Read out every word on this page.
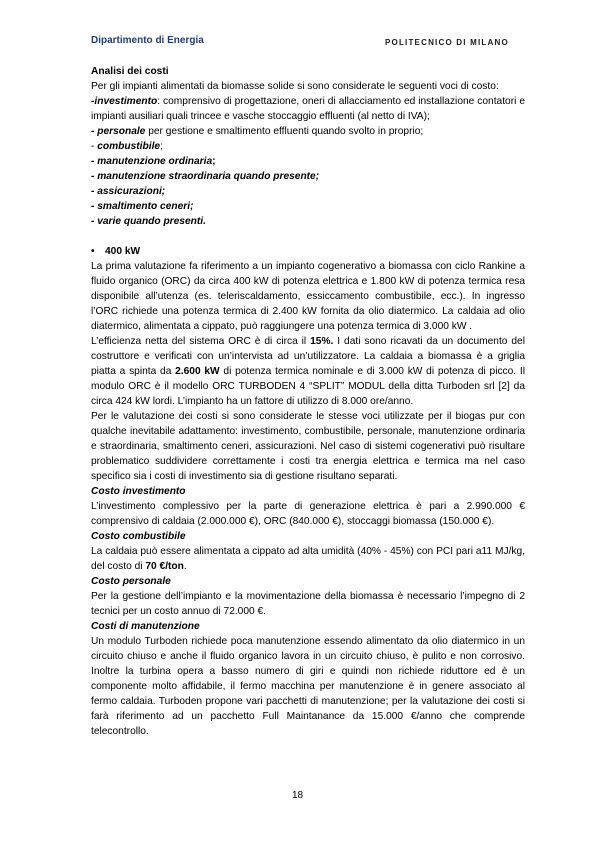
Dipartimento di Energia	POLITECNICO DI MILANO

Analisi dei costi

Per gli impianti alimentati da biomasse solide si sono considerate le seguenti voci di costo:
-investimento: comprensivo di progettazione, oneri di allacciamento ed installazione contatori e impianti ausiliari quali trincee e vasche stoccaggio effluenti (al netto di IVA);
- personale per gestione e smaltimento effluenti quando svolto in proprio;
- combustibile;
- manutenzione ordinaria;
- manutenzione straordinaria quando presente;
- assicurazioni;
- smaltimento ceneri;
- varie quando presenti.

• 400 kW

La prima valutazione fa riferimento a un impianto cogenerativo a biomassa con ciclo Rankine a fluido organico (ORC) da circa 400 kW di potenza elettrica e 1.800 kW di potenza termica resa disponibile all’utenza (es. teleriscaldamento, essiccamento combustibile, ecc.). In ingresso l’ORC richiede una potenza termica di 2.400 kW fornita da olio diatermico. La caldaia ad olio diatermico, alimentata a cippato, può raggiungere una potenza termica di 3.000 kW .

L’efficienza netta del sistema ORC è di circa il 15%. I dati sono ricavati da un documento del costruttore e verificati con un’intervista ad un’utilizzatore. La caldaia a biomassa è a griglia piatta a spinta da 2.600 kW di potenza termica nominale e di 3.000 kW di potenza di picco. Il modulo ORC è il modello ORC TURBODEN 4 “SPLIT” MODUL della ditta Turboden srl [2] da circa 424 kW lordi. L’impianto ha un fattore di utilizzo di 8.000 ore/anno.

Per le valutazione dei costi si sono considerate le stesse voci utilizzate per il biogas pur con qualche inevitabile adattamento: investimento, combustibile, personale, manutenzione ordinaria e straordinaria, smaltimento ceneri, assicurazioni. Nel caso di sistemi cogenerativi può risultare problematico suddividere correttamente i costi tra energia elettrica e termica ma nel caso specifico sia i costi di investimento sia di gestione risultano separati.

Costo investimento

L’investimento complessivo per la parte di generazione elettrica è pari a 2.990.000 € comprensivo di caldaia (2.000.000 €), ORC (840.000 €), stoccaggi biomassa (150.000 €).

Costo combustibile

La caldaia può essere alimentata a cippato ad alta umidità (40% - 45%) con PCI pari a11 MJ/kg, del costo di 70 €/ton.

Costo personale

Per la gestione dell’impianto e la movimentazione della biomassa è necessario l’impegno di 2 tecnici per un costo annuo di 72.000 €.

Costi di manutenzione

Un modulo Turboden richiede poca manutenzione essendo alimentato da olio diatermico in un circuito chiuso e anche il fluido organico lavora in un circuito chiuso, è pulito e non corrosivo. Inoltre la turbina opera a basso numero di giri e quindi non richiede riduttore ed è un componente molto affidabile, il fermo macchina per manutenzione è in genere associato al fermo caldaia. Turboden propone vari pacchetti di manutenzione; per la valutazione dei costi si farà riferimento ad un pacchetto Full Maintanance da 15.000 €/anno che comprende telecontrollo.

18
